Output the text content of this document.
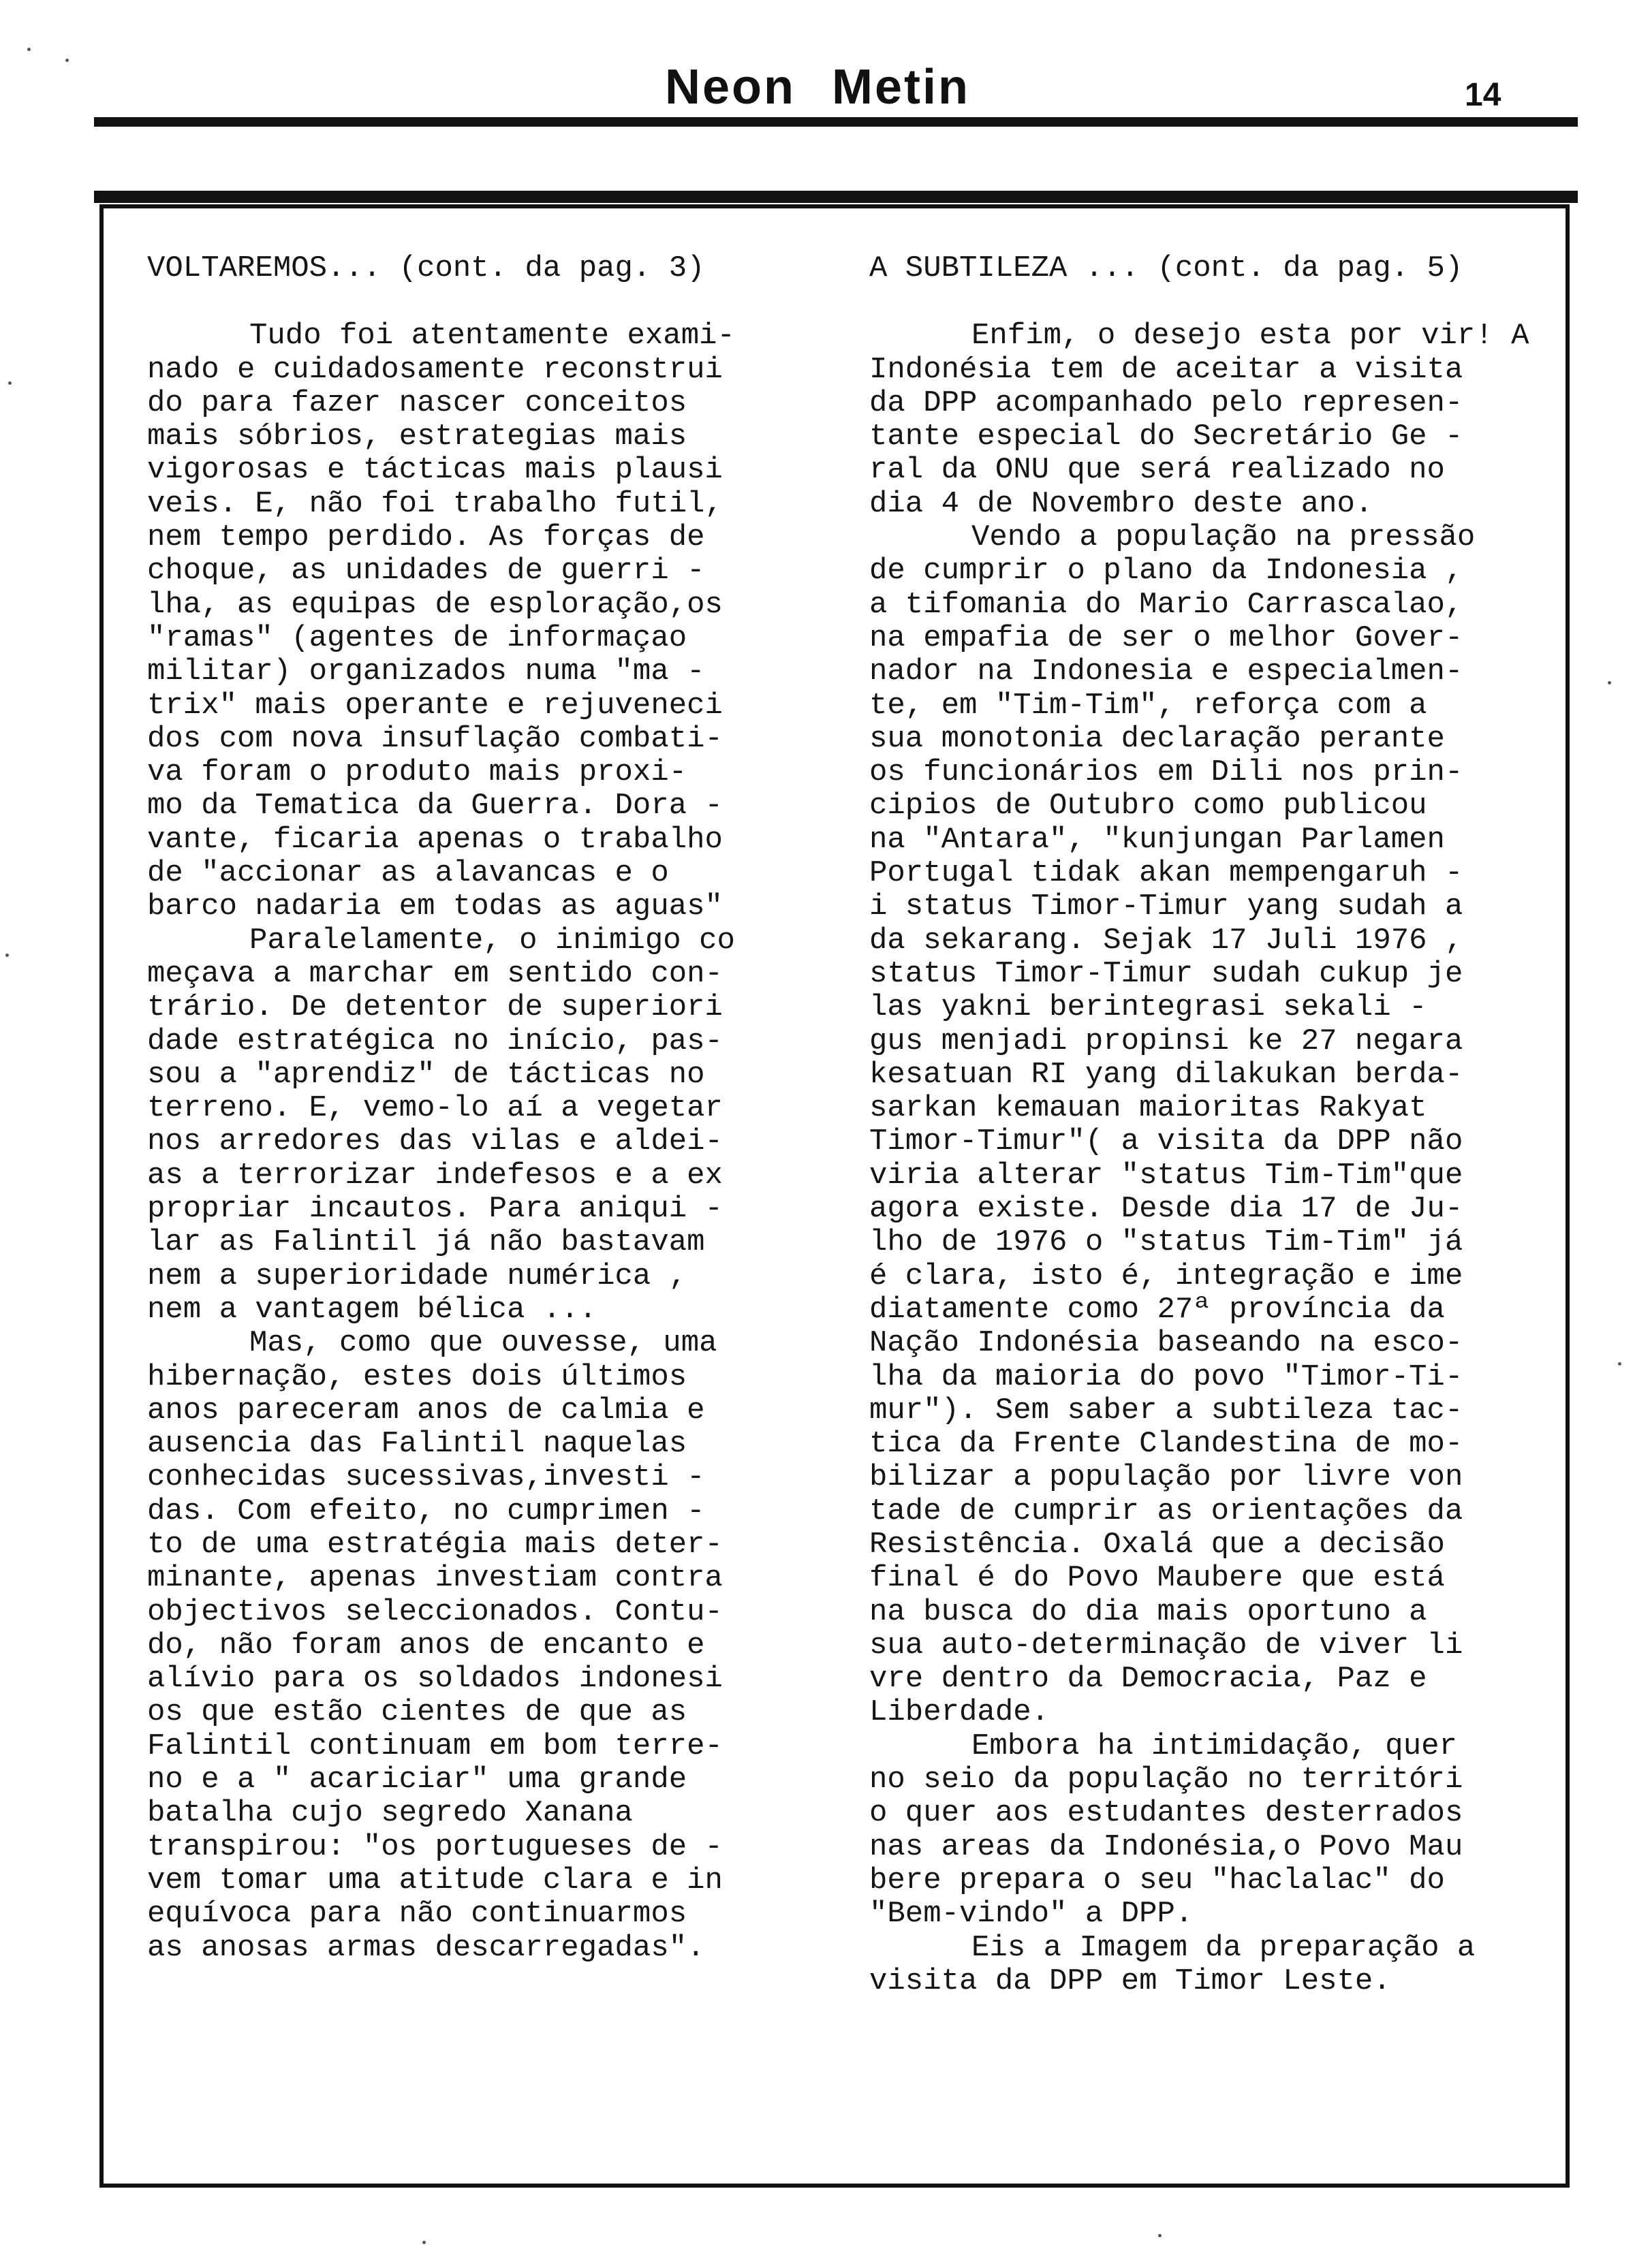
Neon Metin	14
VOLTAREMOS... (cont. da pag. 3)
Tudo foi atentamente exami-
nado e cuidadosamente reconstrui
do para fazer nascer conceitos
mais sóbrios, estrategias mais
vigorosas e tácticas mais plausi
veis. E, não foi trabalho futil,
nem tempo perdido. As forças de
choque, as unidades de guerri -
lha, as equipas de esploração,os
"ramas" (agentes de informaçao
militar) organizados numa "ma -
trix" mais operante e rejuveneci
dos com nova insuflação combati-
va foram o produto mais proxi-
mo da Tematica da Guerra. Dora -
vante, ficaria apenas o trabalho
de "accionar as alavancas e o
barco nadaria em todas as aguas"
Paralelamente, o inimigo co
meçava a marchar em sentido con-
trário. De detentor de superiori
dade estratégica no início, pas-
sou a "aprendiz" de tácticas no
terreno. E, vemo-lo aí a vegetar
nos arredores das vilas e aldei-
as a terrorizar indefesos e a ex
propriar incautos. Para aniqui -
lar as Falintil já não bastavam
nem a superioridade numérica ,
nem a vantagem bélica ...
Mas, como que ouvesse, uma
hibernação, estes dois últimos
anos pareceram anos de calmia e
ausencia das Falintil naquelas
conhecidas sucessivas,investi -
das. Com efeito, no cumprimen -
to de uma estratégia mais deter-
minante, apenas investiam contra
objectivos seleccionados. Contu-
do, não foram anos de encanto e
alívio para os soldados indonesi
os que estão cientes de que as
Falintil continuam em bom terre-
no e a " acariciar" uma grande
batalha cujo segredo Xanana
transpirou: "os portugueses de -
vem tomar uma atitude clara e in
equívoca para não continuarmos
as anosas armas descarregadas".
A SUBTILEZA ... (cont. da pag. 5)
Enfim, o desejo esta por vir! A
Indonésia tem de aceitar a visita
da DPP acompanhado pelo represen-
tante especial do Secretário Ge -
ral da ONU que será realizado no
dia 4 de Novembro deste ano.
Vendo a população na pressão
de cumprir o plano da Indonesia ,
a tifomania do Mario Carrascalao,
na empafia de ser o melhor Gover-
nador na Indonesia e especialmen-
te, em "Tim-Tim", reforça com a
sua monotonia declaração perante
os funcionários em Dili nos prin-
cipios de Outubro como publicou
na "Antara", "kunjungan Parlamen
Portugal tidak akan mempengaruh -
i status Timor-Timur yang sudah a
da sekarang. Sejak 17 Juli 1976 ,
status Timor-Timur sudah cukup je
las yakni berintegrasi sekali -
gus menjadi propinsi ke 27 negara
kesatuan RI yang dilakukan berda-
sarkan kemauan maioritas Rakyat
Timor-Timur"( a visita da DPP não
viria alterar "status Tim-Tim"que
agora existe. Desde dia 17 de Ju-
lho de 1976 o "status Tim-Tim" já
é clara, isto é, integração e ime
diatamente como 27ª província da
Nação Indonésia baseando na esco-
lha da maioria do povo "Timor-Ti-
mur"). Sem saber a subtileza tac-
tica da Frente Clandestina de mo-
bilizar a população por livre von
tade de cumprir as orientações da
Resistência. Oxalá que a decisão
final é do Povo Maubere que está
na busca do dia mais oportuno a
sua auto-determinação de viver li
vre dentro da Democracia, Paz e
Liberdade.
Embora ha intimidação, quer
no seio da população no territóri
o quer aos estudantes desterrados
nas areas da Indonésia,o Povo Mau
bere prepara o seu "haclalac" do
"Bem-vindo" a DPP.
Eis a Imagem da preparação a
visita da DPP em Timor Leste.
